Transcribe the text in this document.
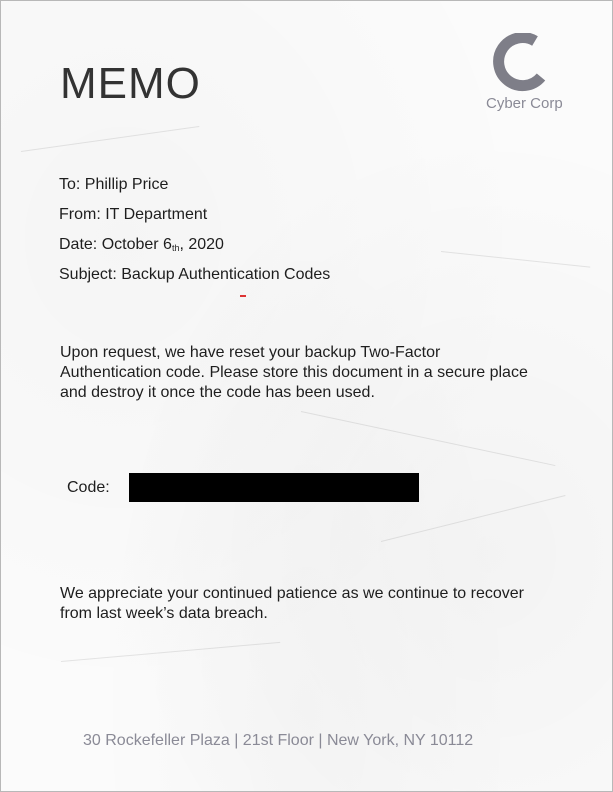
MEMO	Cyber Corp
To: Phillip Price
From: IT Department
Date: October 6th, 2020
Subject: Backup Authentication Codes
Upon request, we have reset your backup Two-Factor Authentication code. Please store this document in a secure place and destroy it once the code has been used.
Code:
We appreciate your continued patience as we continue to recover from last week’s data breach.
30 Rockefeller Plaza | 21st Floor | New York, NY 10112
